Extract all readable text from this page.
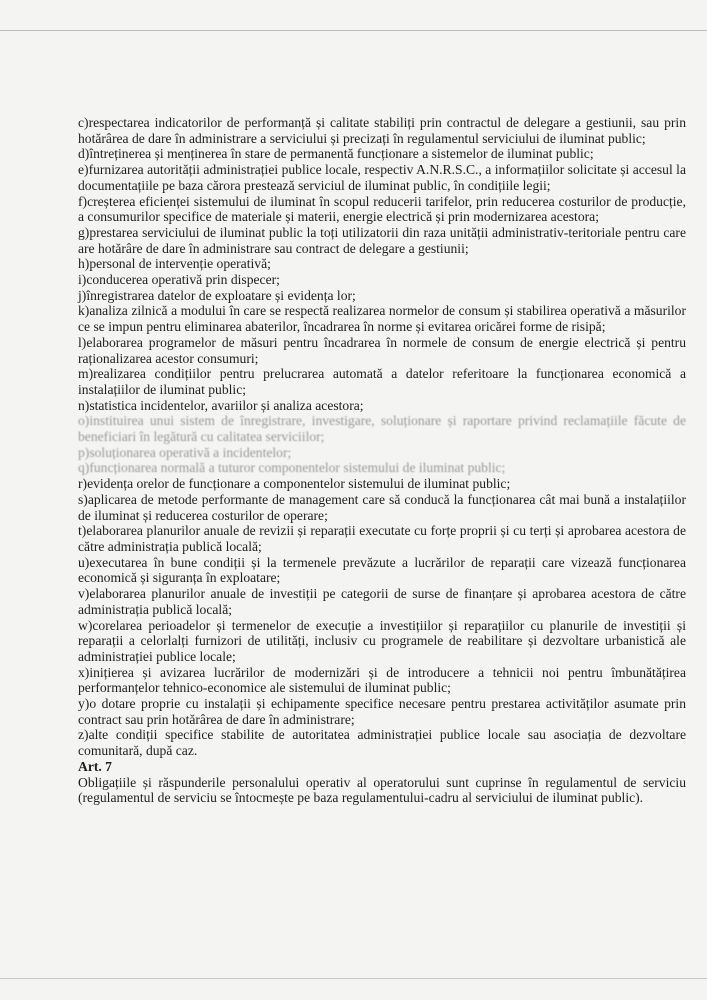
c)respectarea indicatorilor de performanță și calitate stabiliți prin contractul de delegare a gestiunii, sau prin hotărârea de dare în administrare a serviciului și precizați în regulamentul serviciului de iluminat public;

d)întreținerea și menținerea în stare de permanentă funcționare a sistemelor de iluminat public;

e)furnizarea autorității administrației publice locale, respectiv A.N.R.S.C., a informațiilor solicitate și accesul la documentațiile pe baza cărora prestează serviciul de iluminat public, în condițiile legii;

f)creșterea eficienței sistemului de iluminat în scopul reducerii tarifelor, prin reducerea costurilor de producție, a consumurilor specifice de materiale și materii, energie electrică și prin modernizarea acestora;

g)prestarea serviciului de iluminat public la toți utilizatorii din raza unității administrativ-teritoriale pentru care are hotărâre de dare în administrare sau contract de delegare a gestiunii;

h)personal de intervenție operativă;

i)conducerea operativă prin dispecer;

j)înregistrarea datelor de exploatare și evidența lor;

k)analiza zilnică a modului în care se respectă realizarea normelor de consum și stabilirea operativă a măsurilor ce se impun pentru eliminarea abaterilor, încadrarea în norme și evitarea oricărei forme de risipă;

l)elaborarea programelor de măsuri pentru încadrarea în normele de consum de energie electrică și pentru raționalizarea acestor consumuri;

m)realizarea condițiilor pentru prelucrarea automată a datelor referitoare la funcționarea economică a instalațiilor de iluminat public;

n)statistica incidentelor, avariilor și analiza acestora;

o)instituirea unui sistem de înregistrare, investigare, soluționare și raportare privind reclamațiile făcute de beneficiari în legătură cu calitatea serviciilor;

p)soluționarea operativă a incidentelor;

q)funcționarea normală a tuturor componentelor sistemului de iluminat public;

r)evidența orelor de funcționare a componentelor sistemului de iluminat public;

s)aplicarea de metode performante de management care să conducă la funcționarea cât mai bună a instalațiilor de iluminat și reducerea costurilor de operare;

t)elaborarea planurilor anuale de revizii și reparații executate cu forțe proprii și cu terți și aprobarea acestora de către administrația publică locală;

u)executarea în bune condiții și la termenele prevăzute a lucrărilor de reparații care vizează funcționarea economică și siguranța în exploatare;

v)elaborarea planurilor anuale de investiții pe categorii de surse de finanțare și aprobarea acestora de către administrația publică locală;

w)corelarea perioadelor și termenelor de execuție a investițiilor și reparațiilor cu planurile de investiții și reparații a celorlalți furnizori de utilități, inclusiv cu programele de reabilitare și dezvoltare urbanistică ale administrației publice locale;

x)inițierea și avizarea lucrărilor de modernizări și de introducere a tehnicii noi pentru îmbunătățirea performanțelor tehnico-economice ale sistemului de iluminat public;

y)o dotare proprie cu instalații și echipamente specifice necesare pentru prestarea activităților asumate prin contract sau prin hotărârea de dare în administrare;

z)alte condiții specifice stabilite de autoritatea administrației publice locale sau asociația de dezvoltare comunitară, după caz.

Art. 7

Obligațiile și răspunderile personalului operativ al operatorului sunt cuprinse în regulamentul de serviciu (regulamentul de serviciu se întocmește pe baza regulamentului-cadru al serviciului de iluminat public).
